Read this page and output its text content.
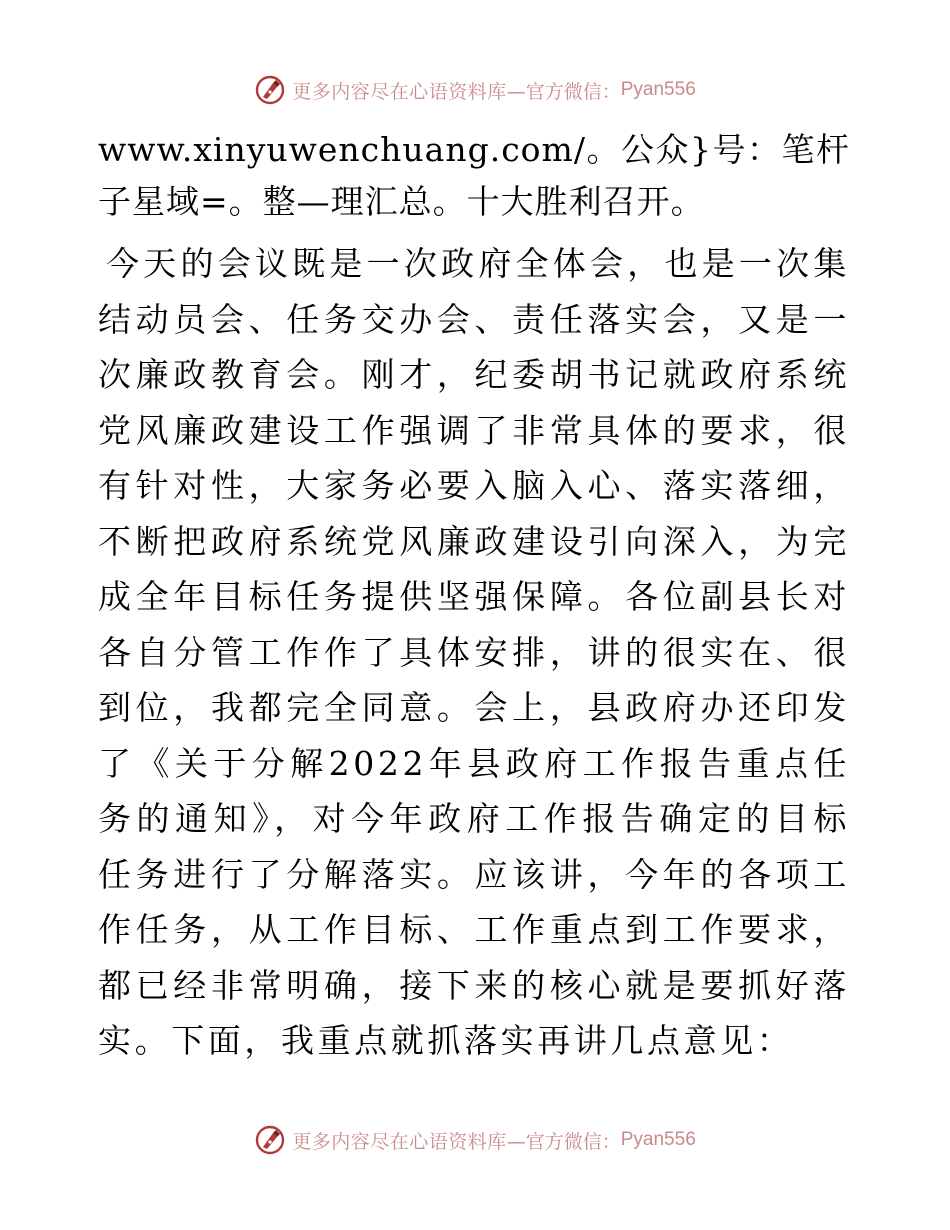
更多内容尽在心语资料库 —官方微信： Pyan556

www.xinyuwenchuang.com/。公众}号：笔杆子星域=。整—理汇总。十大胜利召开。

今天的会议既是一次政府全体会，也是一次集结动员会、任务交办会、责任落实会，又是一次廉政教育会。刚才，纪委胡书记就政府系统党风廉政建设工作强调了非常具体的要求，很有针对性，大家务必要入脑入心、落实落细，不断把政府系统党风廉政建设引向深入，为完成全年目标任务提供坚强保障。各位副县长对各自分管工作作了具体安排，讲的很实在、很到位，我都完全同意。会上，县政府办还印发了《关于分解2022年县政府工作报告重点任务的通知》，对今年政府工作报告确定的目标任务进行了分解落实。应该讲，今年的各项工作任务，从工作目标、工作重点到工作要求，都已经非常明确，接下来的核心就是要抓好落实。下面，我重点就抓落实再讲几点意见：

更多内容尽在心语资料库 —官方微信： Pyan556
